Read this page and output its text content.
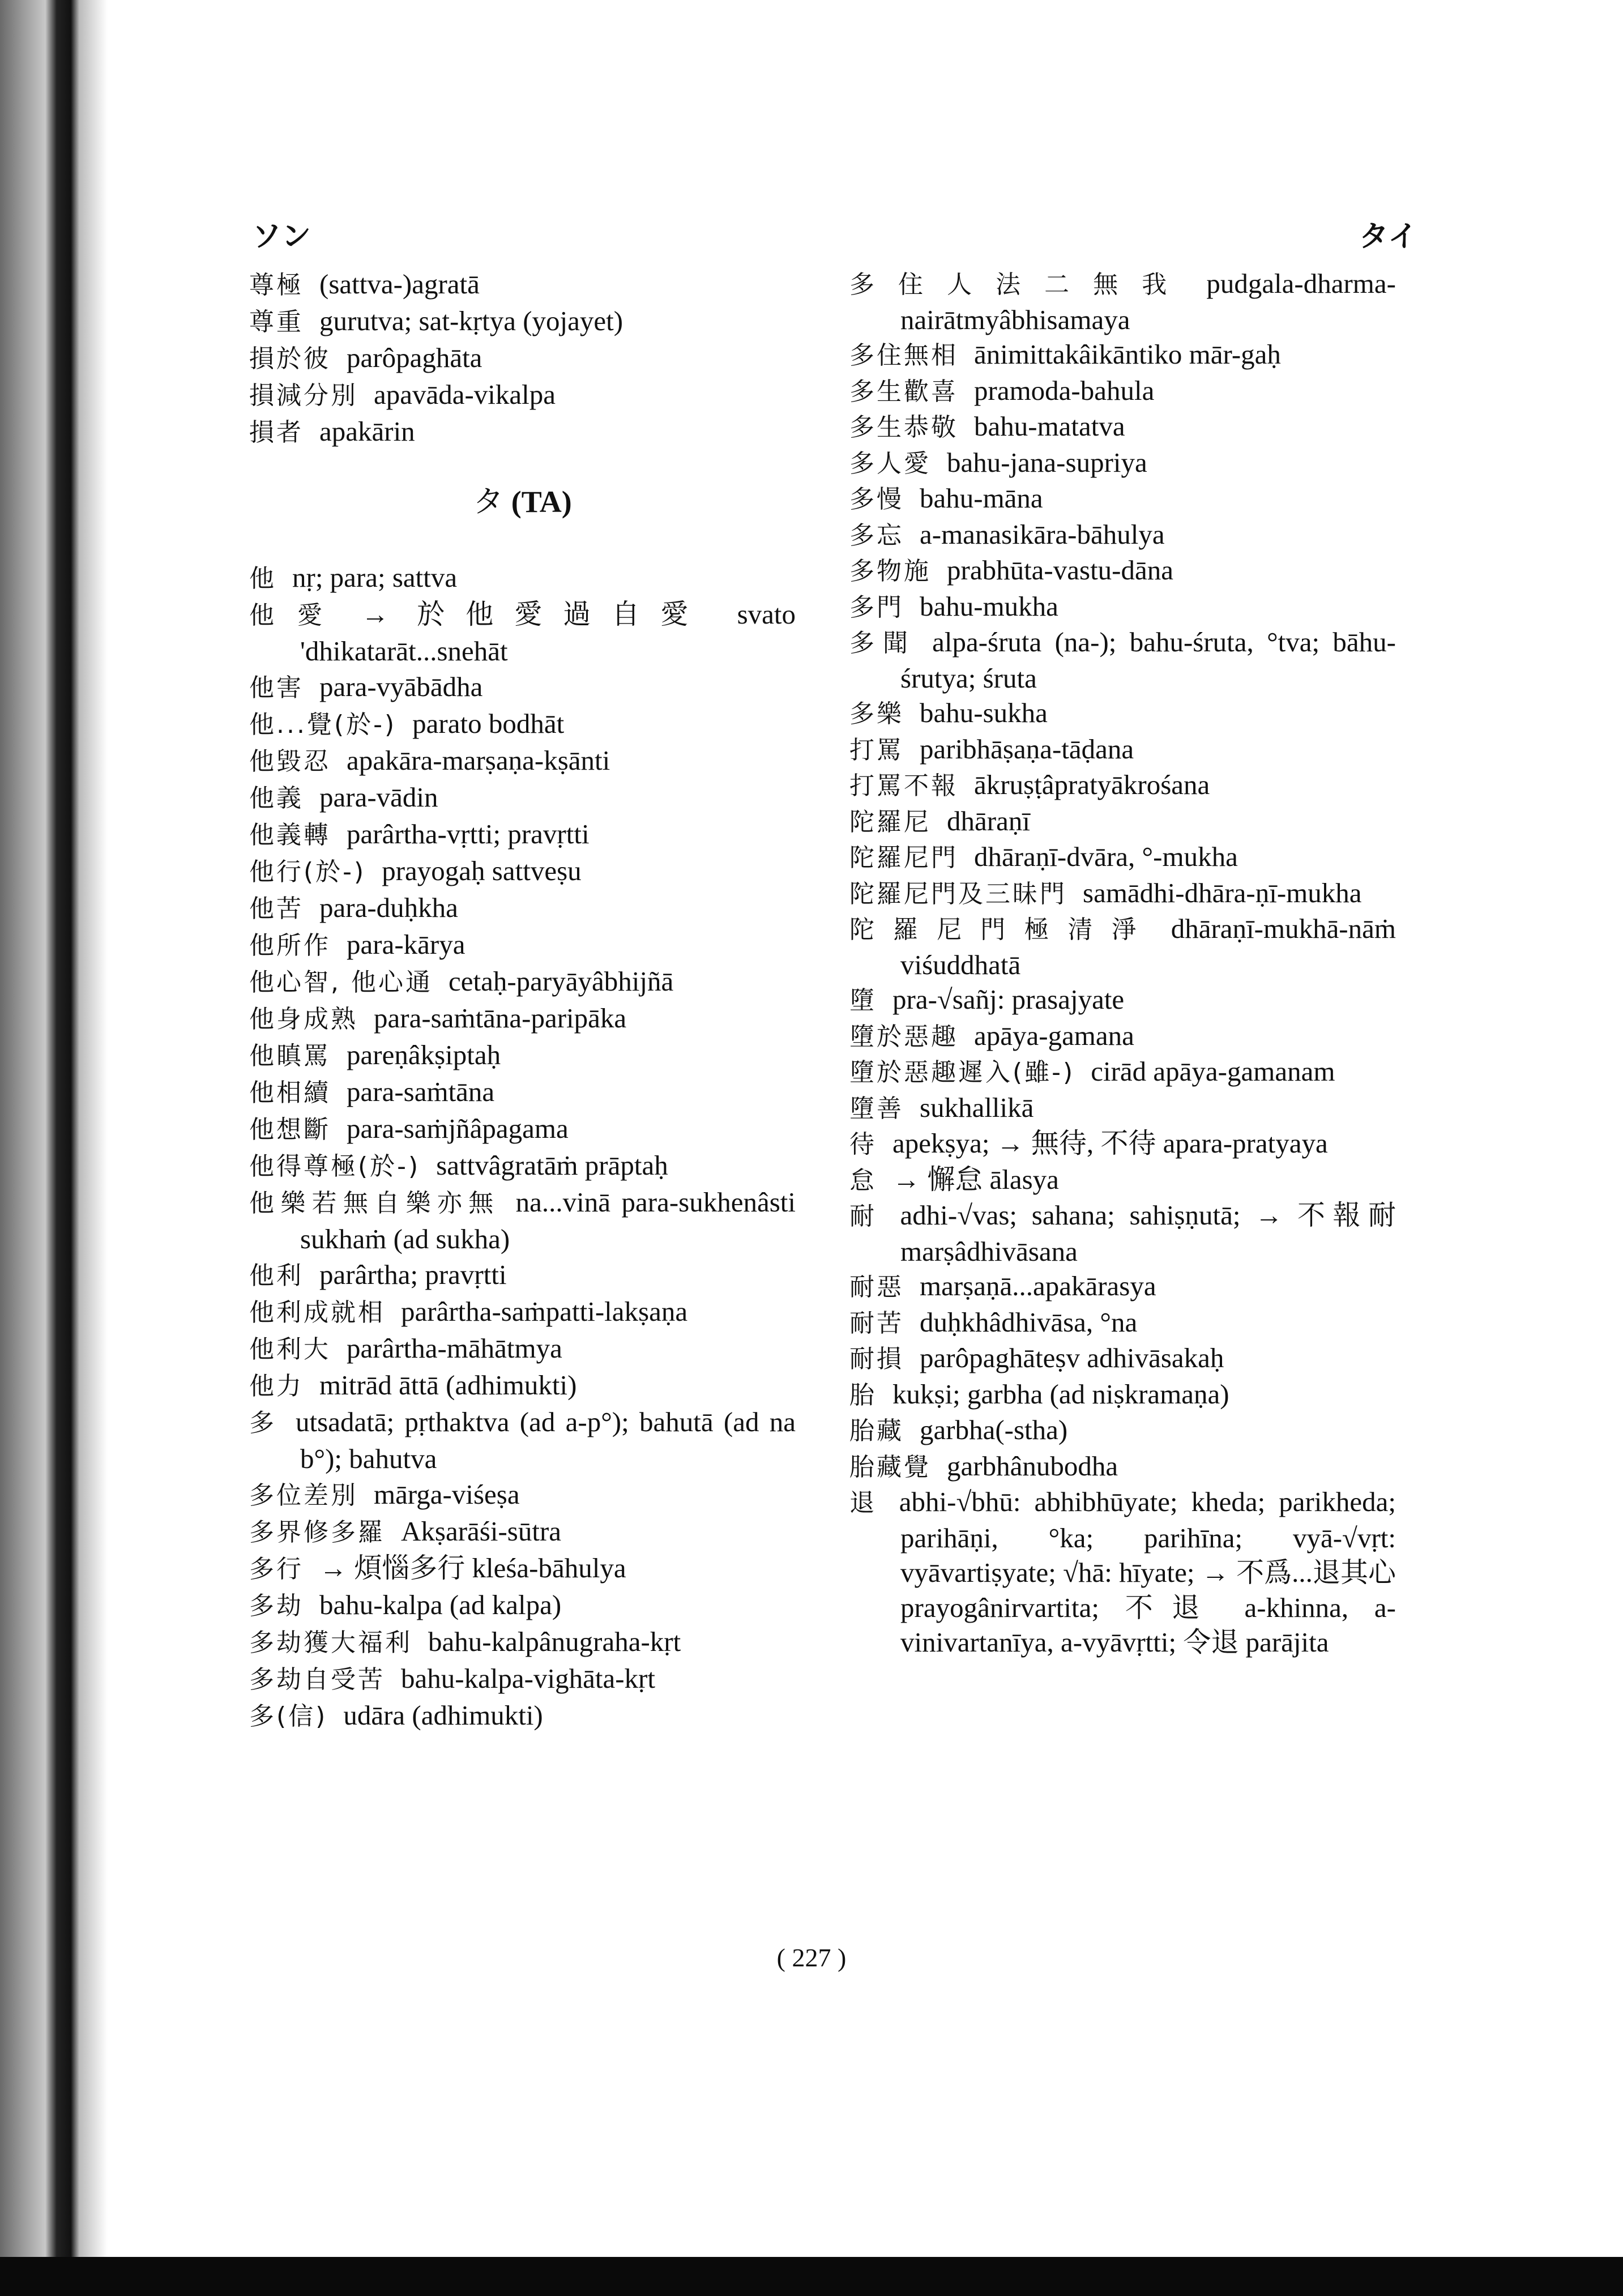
ソン	タイ
尊極 (sattva-)agratā
尊重 gurutva; sat-kṛtya (yojayet)
損於彼 parôpaghāta
損減分別 apavāda-vikalpa
損者 apakārin
タ (TA)
他 nṛ; para; sattva
他愛 → 於他愛過自愛 svato 'dhikatarāt...snehāt
他害 para-vyābādha
他...覺(於-) parato bodhāt
他毀忍 apakāra-marṣaṇa-kṣānti
他義 para-vādin
他義轉 parârtha-vṛtti; pravṛtti
他行(於-) prayogaḥ sattveṣu
他苦 para-duḥkha
他所作 para-kārya
他心智, 他心通 cetaḥ-paryāyâbhijñā
他身成熟 para-saṁtāna-paripāka
他瞋罵 pareṇâkṣiptaḥ
他相續 para-saṁtāna
他想斷 para-saṁjñâpagama
他得尊極(於-) sattvâgratāṁ prāptaḥ
他樂若無自樂亦無 na...vinā para-sukhenâsti sukhaṁ (ad sukha)
他利 parârtha; pravṛtti
他利成就相 parârtha-saṁpatti-lakṣaṇa
他利大 parârtha-māhātmya
他力 mitrād āttā (adhimukti)
多 utsadatā; pṛthaktva (ad a-p°); bahutā (ad na b°); bahutva
多位差別 mārga-viśeṣa
多界修多羅 Akṣarāśi-sūtra
多行 → 煩惱多行 kleśa-bāhulya
多劫 bahu-kalpa (ad kalpa)
多劫獲大福利 bahu-kalpânugraha-kṛt
多劫自受苦 bahu-kalpa-vighāta-kṛt
多(信) udāra (adhimukti)
多住人法二無我 pudgala-dharma-nairātmyâbhisamaya
多住無相 ānimittakâikāntiko mār-gaḥ
多生歡喜 pramoda-bahula
多生恭敬 bahu-matatva
多人愛 bahu-jana-supriya
多慢 bahu-māna
多忘 a-manasikāra-bāhulya
多物施 prabhūta-vastu-dāna
多門 bahu-mukha
多聞 alpa-śruta (na-); bahu-śruta, °tva; bāhu-śrutya; śruta
多樂 bahu-sukha
打罵 paribhāṣaṇa-tāḍana
打罵不報 ākruṣṭâpratyākrośana
陀羅尼 dhāraṇī
陀羅尼門 dhāraṇī-dvāra, °-mukha
陀羅尼門及三昧門 samādhi-dhāra-ṇī-mukha
陀羅尼門極清淨 dhāraṇī-mukhā-nāṁ viśuddhatā
墮 pra-√sañj: prasajyate
墮於惡趣 apāya-gamana
墮於惡趣遲入(雖-) cirād apāya-gamanam
墮善 sukhallikā
待 apekṣya; → 無待, 不待 apara-pratyaya
怠 → 懈怠 ālasya
耐 adhi-√vas; sahana; sahiṣṇutā; → 不報耐 marṣâdhivāsana
耐惡 marṣaṇā...apakārasya
耐苦 duḥkhâdhivāsa, °na
耐損 parôpaghāteṣv adhivāsakaḥ
胎 kukṣi; garbha (ad niṣkramaṇa)
胎藏 garbha(-stha)
胎藏覺 garbhânubodha
退 abhi-√bhū: abhibhūyate; kheda; parikheda; parihāṇi, °ka; parihīna; vyā-√vṛt: vyāvartiṣyate; √hā: hīyate; → 不爲...退其心 prayogânirvartita; 不退 a-khinna, a-vinivartanīya, a-vyāvṛtti; 令退 parājita
( 227 )
